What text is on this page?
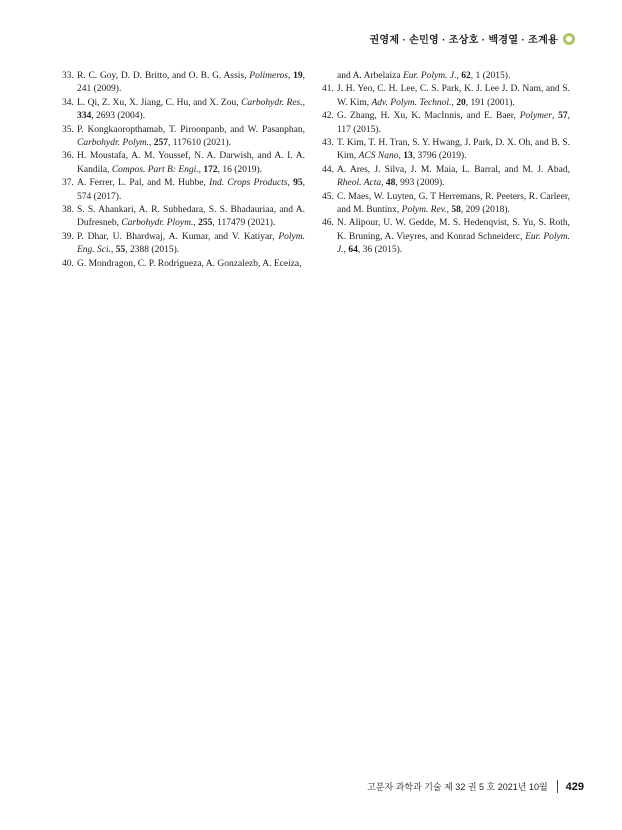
권영제 · 손민영 · 조상호 · 백경열 · 조계용
33. R. C. Goy, D. D. Britto, and O. B. G. Assis, Polimeros, 19, 241 (2009).
34. L. Qi, Z. Xu, X. Jiang, C. Hu, and X. Zou, Carbohydr. Res., 334, 2693 (2004).
35. P. Kongkaoropthamab, T. Piroonpanb, and W. Pasanphan, Carbohydr. Polym., 257, 117610 (2021).
36. H. Moustafa, A. M. Youssef, N. A. Darwish, and A. I. A. Kandila, Compos. Part B: Engi., 172, 16 (2019).
37. A. Ferrer, L. Pal, and M. Hubbe, Ind. Crops Products, 95, 574 (2017).
38. S. S. Ahankari, A. R. Subhedara, S. S. Bhadauriaa, and A. Dufresneb, Carbohydr. Ploym., 255, 117479 (2021).
39. P. Dhar, U. Bhardwaj, A. Kumar, and V. Katiyar, Polym. Eng. Sci., 55, 2388 (2015).
40. G. Mondragon, C. P. Rodrigueza, A. Gonzalezb, A. Eceiza,
and A. Arbelaiza Eur. Polym. J., 62, 1 (2015).
41. J. H. Yeo, C. H. Lee, C. S. Park, K. J. Lee J. D. Nam, and S. W. Kim, Adv. Polym. Technol., 20, 191 (2001).
42. G. Zhang, H. Xu, K. MacInnis, and E. Baer, Polymer, 57, 117 (2015).
43. T. Kim, T. H. Tran, S. Y. Hwang, J. Park, D. X. Oh, and B. S. Kim, ACS Nano, 13, 3796 (2019).
44. A. Ares, J. Silva, J. M. Maia, L. Barral, and M. J. Abad, Rheol. Acta, 48, 993 (2009).
45. C. Maes, W. Luyten, G. T Herremans, R. Peeters, R. Carleer, and M. Buntinx, Polym. Rev., 58, 209 (2018).
46. N. Alipour, U. W. Gedde, M. S. Hedenqvist, S. Yu, S. Roth, K. Bruning, A. Vieyres, and Konrad Schneiderc, Eur. Polym. J., 64, 36 (2015).
고분자 과학과 기술 제 32 권 5 호 2021년 10월 429
